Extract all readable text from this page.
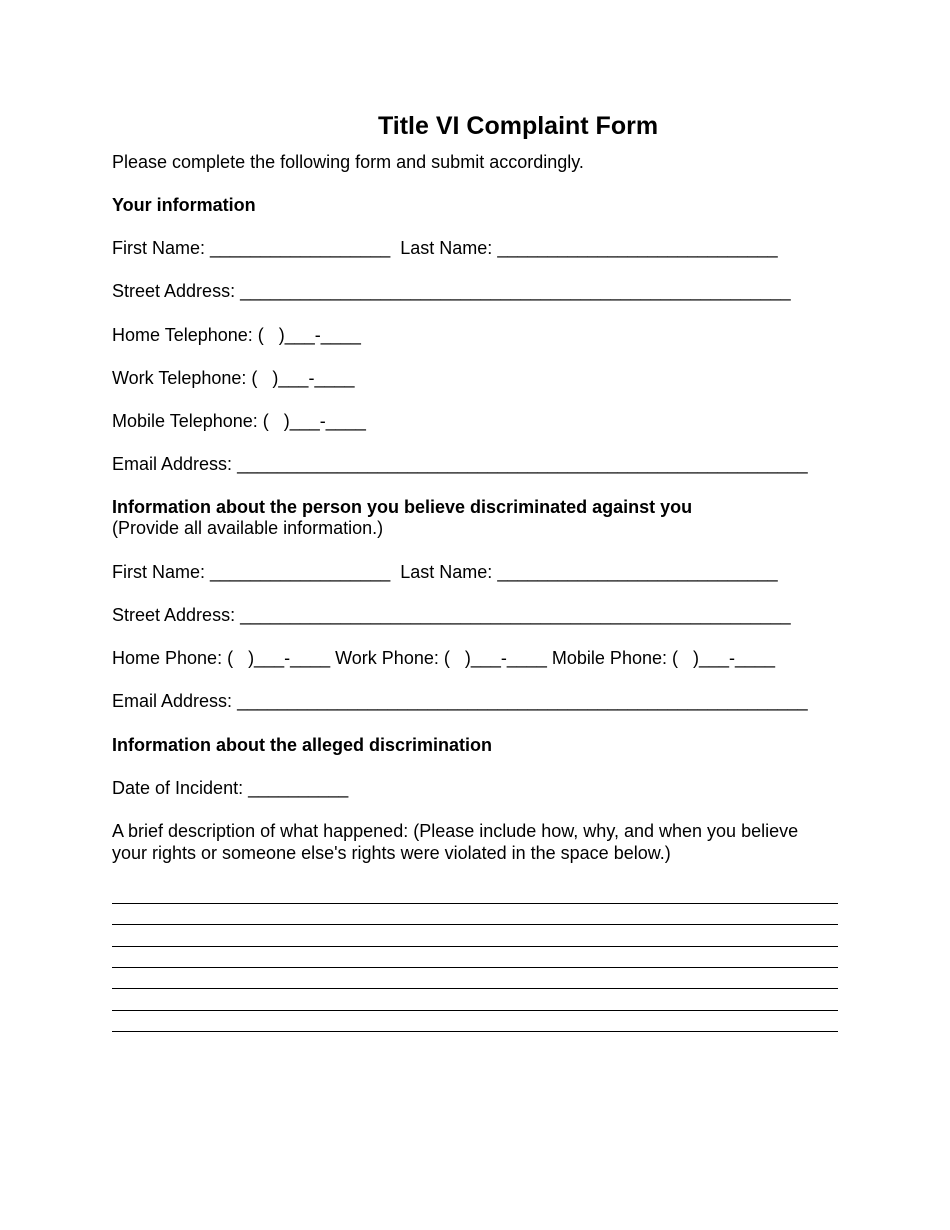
Title VI Complaint Form
Please complete the following form and submit accordingly.
Your information
First Name: __________________ Last Name: ____________________________
Street Address: _______________________________________________________
Home Telephone: (   )___-____
Work Telephone: (   )___-____
Mobile Telephone: (   )___-____
Email Address: _________________________________________________________
Information about the person you believe discriminated against you
(Provide all available information.)
First Name: __________________ Last Name: ____________________________
Street Address: _______________________________________________________
Home Phone: (   )___-____ Work Phone: (   )___-____ Mobile Phone: (   )___-____
Email Address: _________________________________________________________
Information about the alleged discrimination
Date of Incident: __________
A brief description of what happened: (Please include how, why, and when you believe
your rights or someone else's rights were violated in the space below.)
